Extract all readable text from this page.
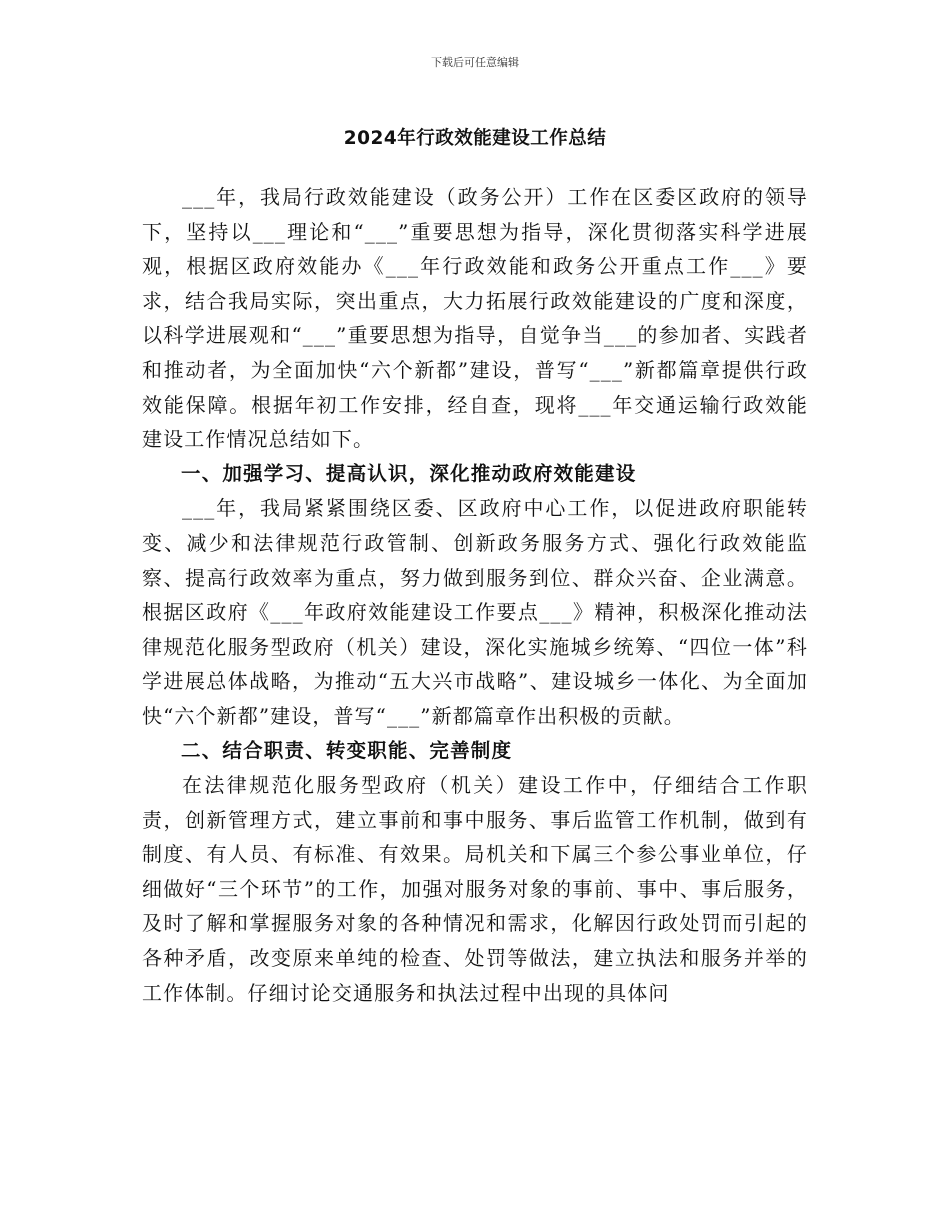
下载后可任意编辑
2024年行政效能建设工作总结

___年，我局行政效能建设（政务公开）工作在区委区政府的领导下，坚持以___理论和“___”重要思想为指导，深化贯彻落实科学进展观，根据区政府效能办《___年行政效能和政务公开重点工作___》要求，结合我局实际，突出重点，大力拓展行政效能建设的广度和深度，以科学进展观和“___”重要思想为指导，自觉争当___的参加者、实践者和推动者，为全面加快“六个新都”建设，普写“___”新都篇章提供行政效能保障。根据年初工作安排，经自查，现将___年交通运输行政效能建设工作情况总结如下。

一、加强学习、提高认识，深化推动政府效能建设

___年，我局紧紧围绕区委、区政府中心工作，以促进政府职能转变、减少和法律规范行政管制、创新政务服务方式、强化行政效能监察、提高行政效率为重点，努力做到服务到位、群众兴奋、企业满意。根据区政府《___年政府效能建设工作要点___》精神，积极深化推动法律规范化服务型政府（机关）建设，深化实施城乡统筹、“四位一体”科学进展总体战略，为推动“五大兴市战略”、建设城乡一体化、为全面加快“六个新都”建设，普写“___”新都篇章作出积极的贡献。

二、结合职责、转变职能、完善制度

在法律规范化服务型政府（机关）建设工作中，仔细结合工作职责，创新管理方式，建立事前和事中服务、事后监管工作机制，做到有制度、有人员、有标准、有效果。局机关和下属三个参公事业单位，仔细做好“三个环节”的工作，加强对服务对象的事前、事中、事后服务，及时了解和掌握服务对象的各种情况和需求，化解因行政处罚而引起的各种矛盾，改变原来单纯的检查、处罚等做法，建立执法和服务并举的工作体制。仔细讨论交通服务和执法过程中出现的具体问
